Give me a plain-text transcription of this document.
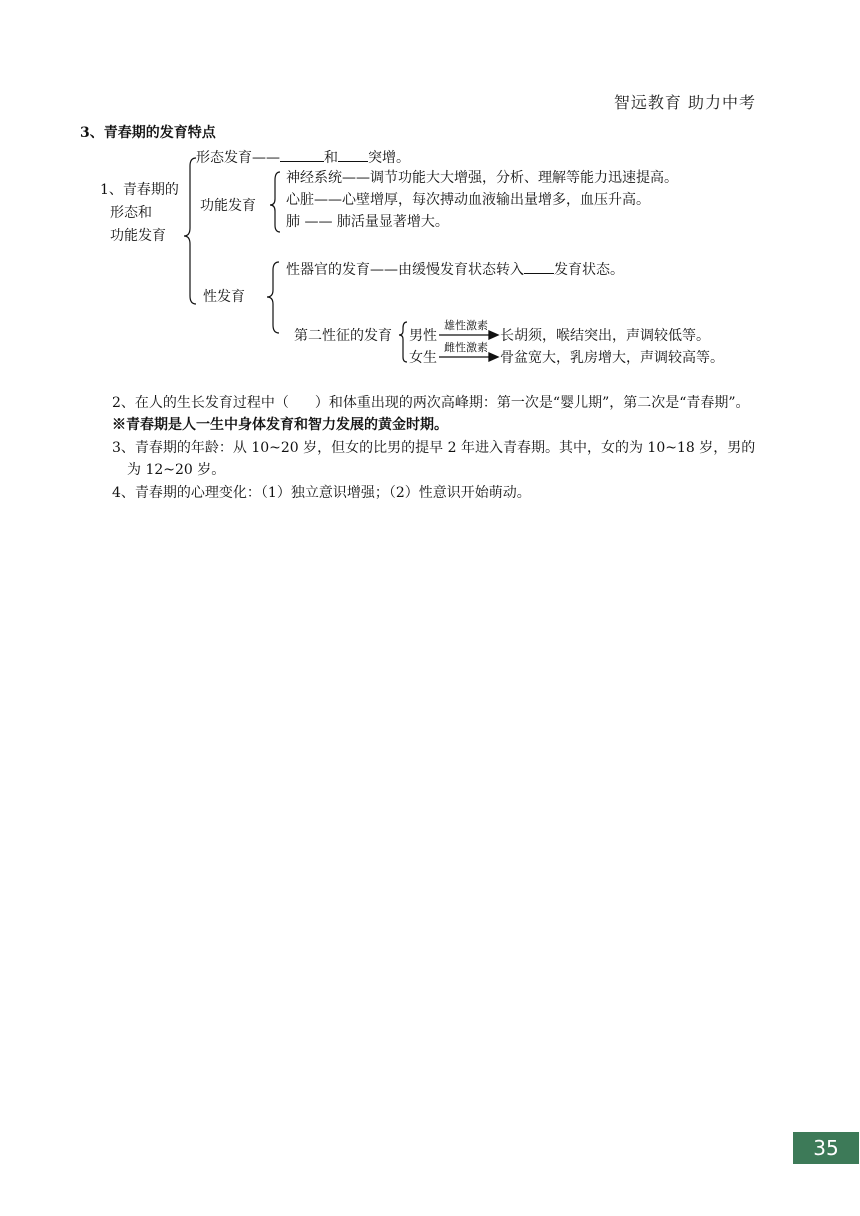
智远教育 助力中考
3、青春期的发育特点
1、青春期的
形态和
功能发育
形态发育——	和 突增。
功能发育
神经系统——调节功能大大增强，分析、理解等能力迅速提高。
心脏——心壁增厚，每次搏动血液输出量增多，血压升高。
肺 —— 肺活量显著增大。
性发育
性器官的发育——由缓慢发育状态转入 发育状态。
第二性征的发育 男性
雄性激素
长胡须，喉结突出，声调较低等。
女生
雌性激素
骨盆宽大，乳房增大，声调较高等。
2、在人的生长发育过程中（ ）和体重出现的两次高峰期：第一次是“婴儿期”，第二次是“青春期”。
※青春期是人一生中身体发育和智力发展的黄金时期。
3、青春期的年龄：从 10~20 岁，但女的比男的提早 2 年进入青春期。其中，女的为 10~18 岁，男的
为 12~20 岁。
4、青春期的心理变化：（1）独立意识增强；（2）性意识开始萌动。
35
